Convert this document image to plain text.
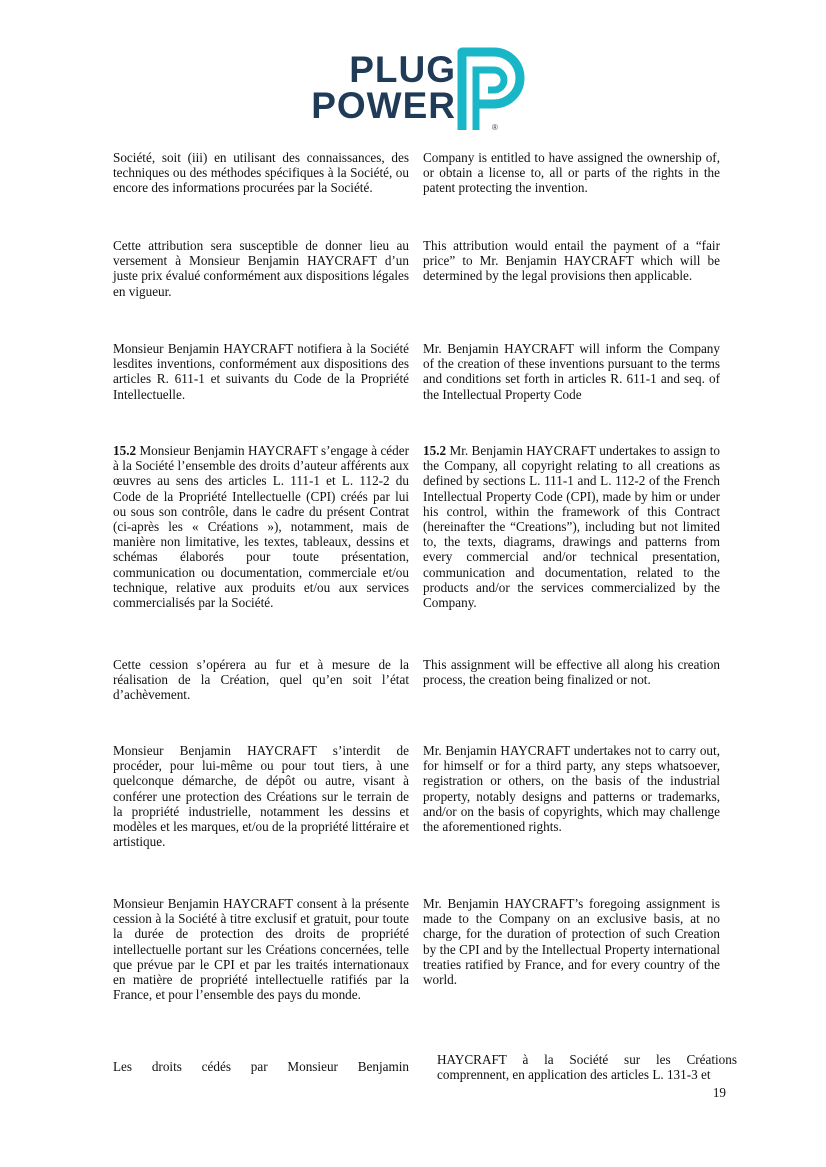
PLUG
POWER
®

Société, soit (iii) en utilisant des connaissances, des techniques ou des méthodes spécifiques à la Société, ou encore des informations procurées par la Société.

Company is entitled to have assigned the ownership of, or obtain a license to, all or parts of the rights in the patent protecting the invention.

Cette attribution sera susceptible de donner lieu au versement à Monsieur Benjamin HAYCRAFT d’un juste prix évalué conformément aux dispositions légales en vigueur.

This attribution would entail the payment of a “fair price” to Mr. Benjamin HAYCRAFT which will be determined by the legal provisions then applicable.

Monsieur Benjamin HAYCRAFT notifiera à la Société lesdites inventions, conformément aux dispositions des articles R. 611-1 et suivants du Code de la Propriété Intellectuelle.

Mr. Benjamin HAYCRAFT will inform the Company of the creation of these inventions pursuant to the terms and conditions set forth in articles R. 611-1 and seq. of the Intellectual Property Code

15.2 Monsieur Benjamin HAYCRAFT s’engage à céder à la Société l’ensemble des droits d’auteur afférents aux œuvres au sens des articles L. 111-1 et L. 112-2 du Code de la Propriété Intellectuelle (CPI) créés par lui ou sous son contrôle, dans le cadre du présent Contrat (ci-après les « Créations »), notamment, mais de manière non limitative, les textes, tableaux, dessins et schémas élaborés pour toute présentation, communication ou documentation, commerciale et/ou technique, relative aux produits et/ou aux services commercialisés par la Société.

15.2 Mr. Benjamin HAYCRAFT undertakes to assign to the Company, all copyright relating to all creations as defined by sections L. 111-1 and L. 112-2 of the French Intellectual Property Code (CPI), made by him or under his control, within the framework of this Contract (hereinafter the “Creations”), including but not limited to, the texts, diagrams, drawings and patterns from every commercial and/or technical presentation, communication and documentation, related to the products and/or the services commercialized by the Company.

Cette cession s’opérera au fur et à mesure de la réalisation de la Création, quel qu’en soit l’état d’achèvement.

This assignment will be effective all along his creation process, the creation being finalized or not.

Monsieur Benjamin HAYCRAFT s’interdit de procéder, pour lui-même ou pour tout tiers, à une quelconque démarche, de dépôt ou autre, visant à conférer une protection des Créations sur le terrain de la propriété industrielle, notamment les dessins et modèles et les marques, et/ou de la propriété littéraire et artistique.

Mr. Benjamin HAYCRAFT undertakes not to carry out, for himself or for a third party, any steps whatsoever, registration or others, on the basis of the industrial property, notably designs and patterns or trademarks, and/or on the basis of copyrights, which may challenge the aforementioned rights.

Monsieur Benjamin HAYCRAFT consent à la présente cession à la Société à titre exclusif et gratuit, pour toute la durée de protection des droits de propriété intellectuelle portant sur les Créations concernées, telle que prévue par le CPI et par les traités internationaux en matière de propriété intellectuelle ratifiés par la France, et pour l’ensemble des pays du monde.

Mr. Benjamin HAYCRAFT’s foregoing assignment is made to the Company on an exclusive basis, at no charge, for the duration of protection of such Creation by the CPI and by the Intellectual Property international treaties ratified by France, and for every country of the world.

Les droits cédés par Monsieur Benjamin HAYCRAFT à la Société sur les Créations comprennent, en application des articles L. 131-3 et

19
